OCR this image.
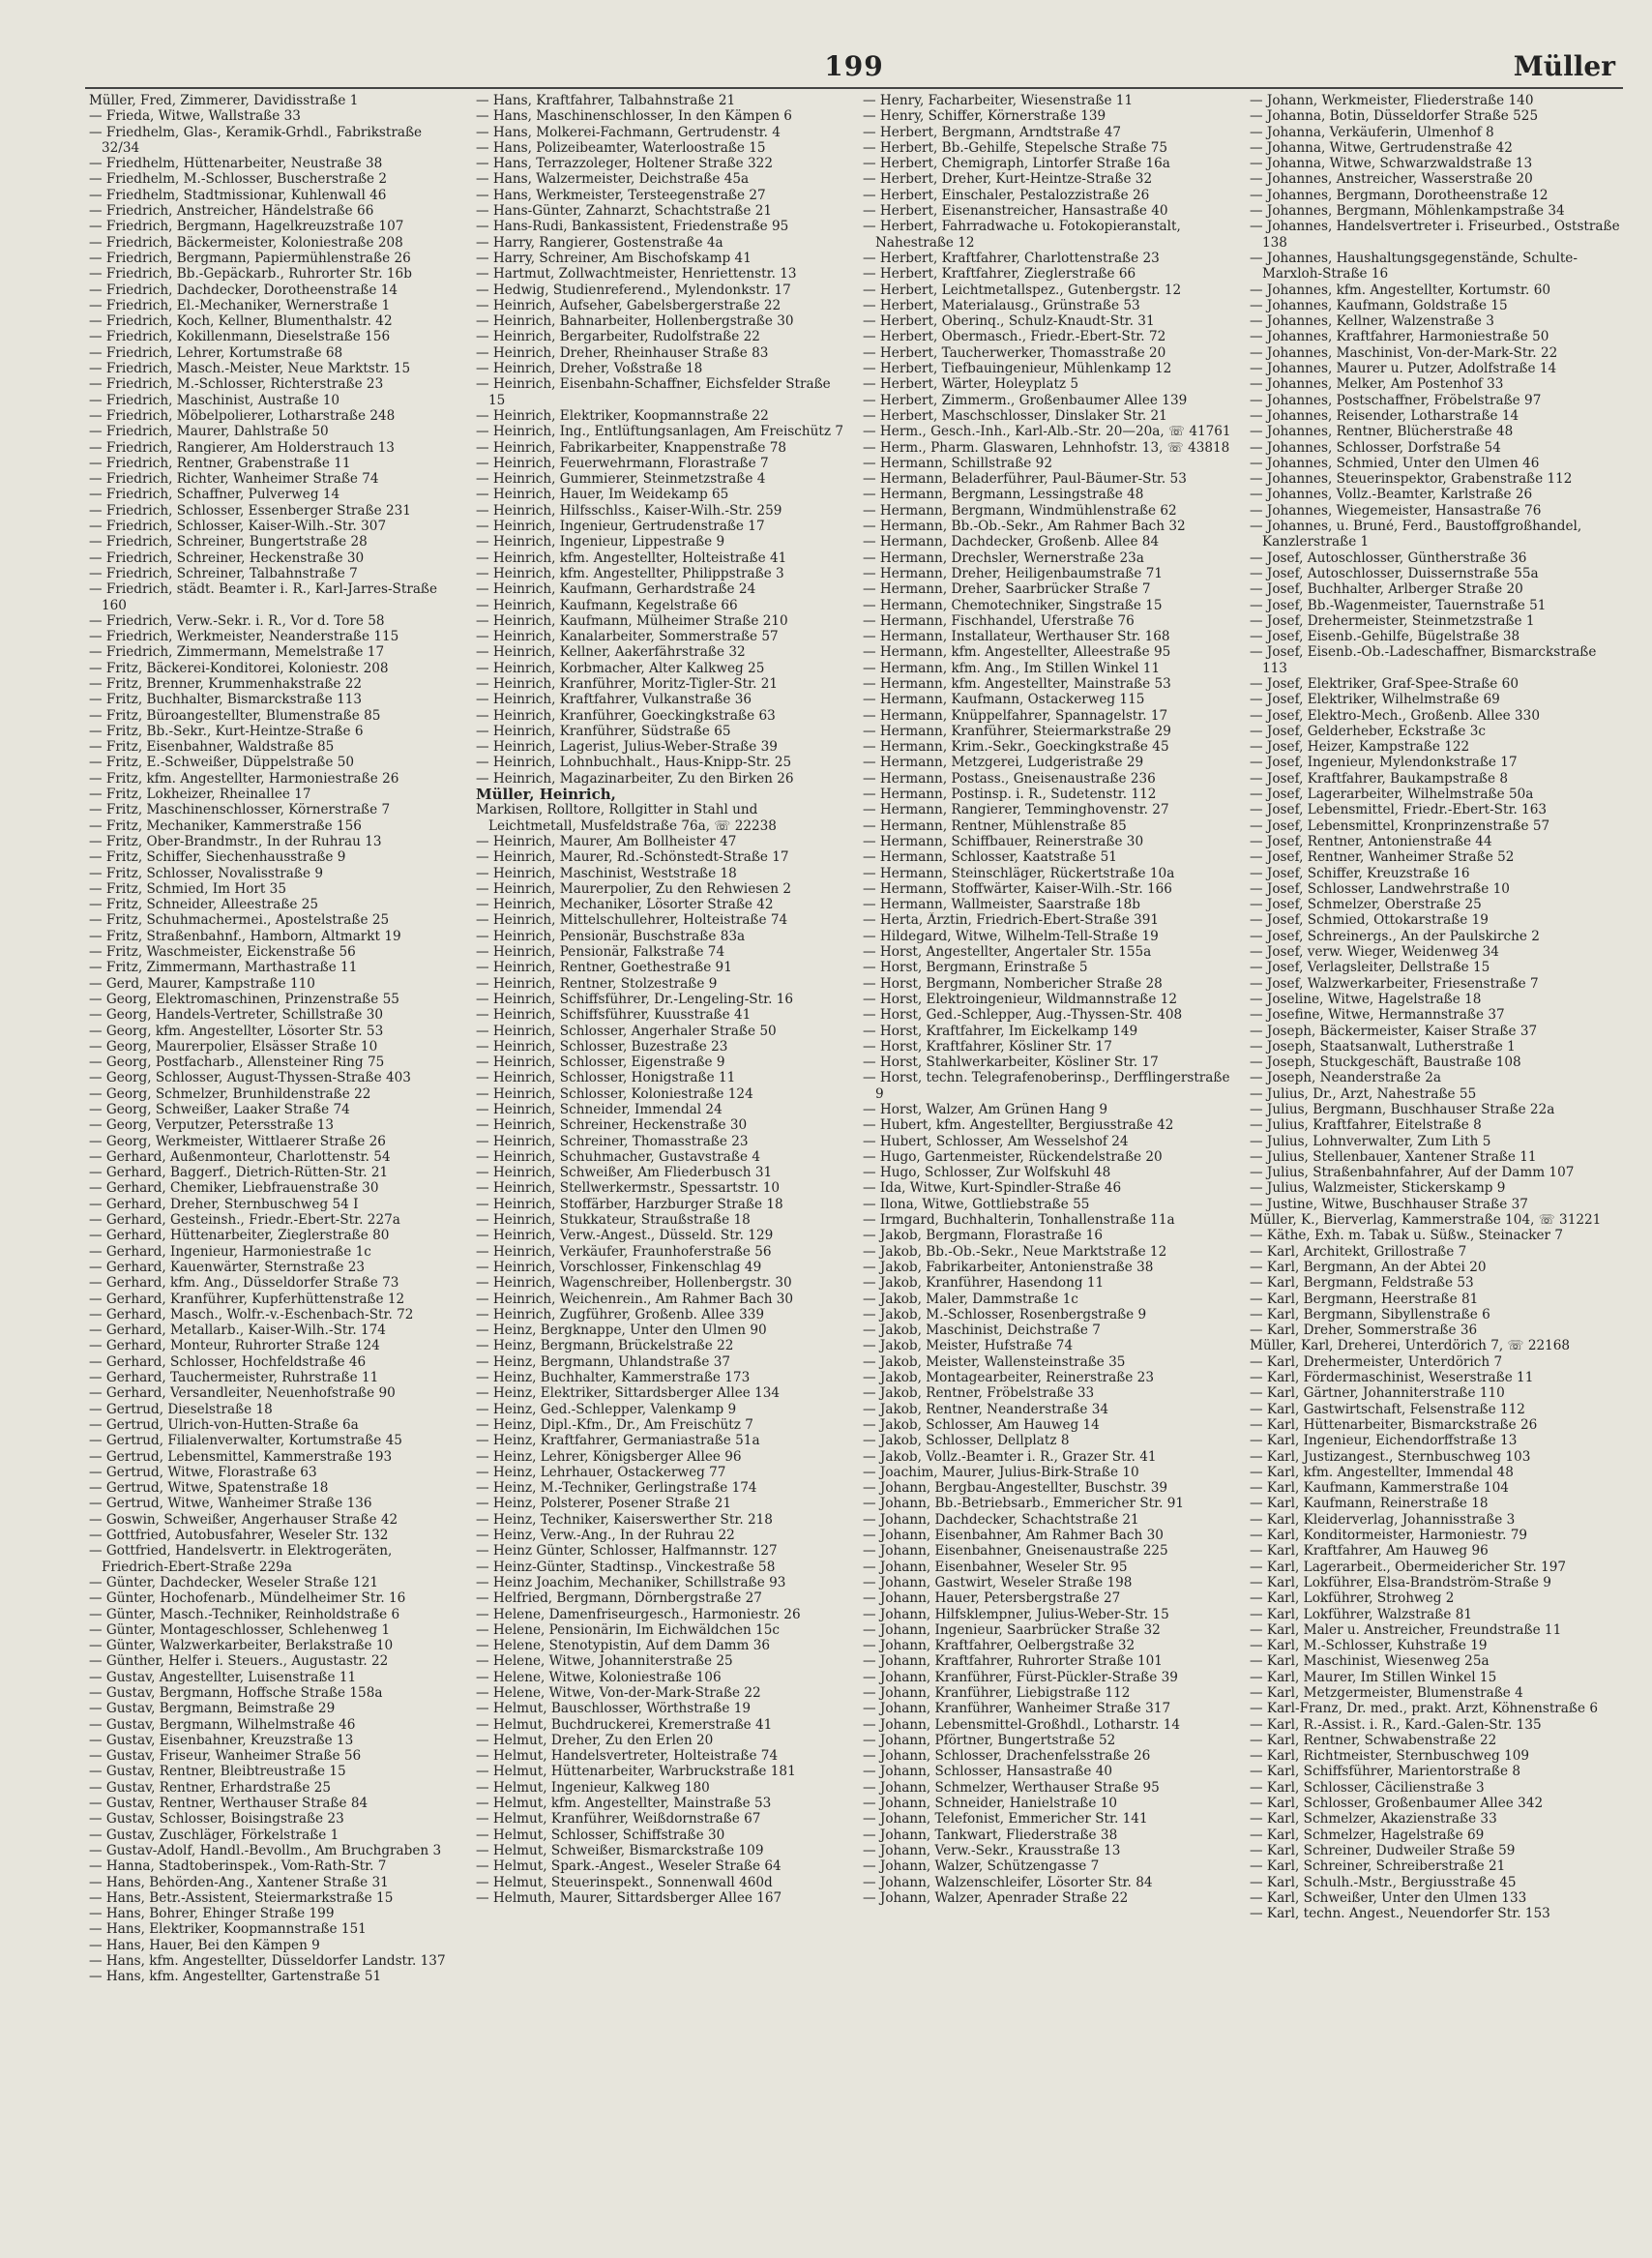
199	Müller

Müller, Fred, Zimmerer, Davidisstraße 1

— Frieda, Witwe, Wallstraße 33

— Friedhelm, Glas-, Keramik-Grhdl., Fabrikstraße 32/34

— Friedhelm, Hüttenarbeiter, Neustraße 38

— Friedhelm, M.-Schlosser, Buscherstraße 2

— Friedhelm, Stadtmissionar, Kuhlenwall 46

— Friedrich, Anstreicher, Händelstraße 66

— Friedrich, Bergmann, Hagelkreuzstraße 107

— Friedrich, Bäckermeister, Koloniestraße 208

— Friedrich, Bergmann, Papiermühlenstraße 26

— Friedrich, Bb.-Gepäckarb., Ruhrorter Str. 16b

— Friedrich, Dachdecker, Dorotheenstraße 14

— Friedrich, El.-Mechaniker, Wernerstraße 1

— Friedrich, Koch, Kellner, Blumenthalstr. 42

— Friedrich, Kokillenmann, Dieselstraße 156

— Friedrich, Lehrer, Kortumstraße 68

— Friedrich, Masch.-Meister, Neue Marktstr. 15

— Friedrich, M.-Schlosser, Richterstraße 23

— Friedrich, Maschinist, Austraße 10

— Friedrich, Möbelpolierer, Lotharstraße 248

— Friedrich, Maurer, Dahlstraße 50

— Friedrich, Rangierer, Am Holderstrauch 13

— Friedrich, Rentner, Grabenstraße 11

— Friedrich, Richter, Wanheimer Straße 74

— Friedrich, Schaffner, Pulverweg 14

— Friedrich, Schlosser, Essenberger Straße 231

— Friedrich, Schlosser, Kaiser-Wilh.-Str. 307

— Friedrich, Schreiner, Bungertstraße 28

— Friedrich, Schreiner, Heckenstraße 30

— Friedrich, Schreiner, Talbahnstraße 7

— Friedrich, städt. Beamter i. R., Karl-Jarres-Straße 160

— Friedrich, Verw.-Sekr. i. R., Vor d. Tore 58

— Friedrich, Werkmeister, Neanderstraße 115

— Friedrich, Zimmermann, Memelstraße 17

— Fritz, Bäckerei-Konditorei, Koloniestr. 208

— Fritz, Brenner, Krummenhakstraße 22

— Fritz, Buchhalter, Bismarckstraße 113

— Fritz, Büroangestellter, Blumenstraße 85

— Fritz, Bb.-Sekr., Kurt-Heintze-Straße 6

— Fritz, Eisenbahner, Waldstraße 85

— Fritz, E.-Schweißer, Düppelstraße 50

— Fritz, kfm. Angestellter, Harmoniestraße 26

— Fritz, Lokheizer, Rheinallee 17

— Fritz, Maschinenschlosser, Körnerstraße 7

— Fritz, Mechaniker, Kammerstraße 156

— Fritz, Ober-Brandmstr., In der Ruhrau 13

— Fritz, Schiffer, Siechenhausstraße 9

— Fritz, Schlosser, Novalisstraße 9

— Fritz, Schmied, Im Hort 35

— Fritz, Schneider, Alleestraße 25

— Fritz, Schuhmachermei., Apostelstraße 25

— Fritz, Straßenbahnf., Hamborn, Altmarkt 19

— Fritz, Waschmeister, Eickenstraße 56

— Fritz, Zimmermann, Marthastraße 11

— Gerd, Maurer, Kampstraße 110

— Georg, Elektromaschinen, Prinzenstraße 55

— Georg, Handels-Vertreter, Schillstraße 30

— Georg, kfm. Angestellter, Lösorter Str. 53

— Georg, Maurerpolier, Elsässer Straße 10

— Georg, Postfacharb., Allensteiner Ring 75

— Georg, Schlosser, August-Thyssen-Straße 403

— Georg, Schmelzer, Brunhildenstraße 22

— Georg, Schweißer, Laaker Straße 74

— Georg, Verputzer, Petersstraße 13

— Georg, Werkmeister, Wittlaerer Straße 26

— Gerhard, Außenmonteur, Charlottenstr. 54

— Gerhard, Baggerf., Dietrich-Rütten-Str. 21

— Gerhard, Chemiker, Liebfrauenstraße 30

— Gerhard, Dreher, Sternbuschweg 54 I

— Gerhard, Gesteinsh., Friedr.-Ebert-Str. 227a

— Gerhard, Hüttenarbeiter, Zieglerstraße 80

— Gerhard, Ingenieur, Harmoniestraße 1c

— Gerhard, Kauenwärter, Sternstraße 23

— Gerhard, kfm. Ang., Düsseldorfer Straße 73

— Gerhard, Kranführer, Kupferhüttenstraße 12

— Gerhard, Masch., Wolfr.-v.-Eschenbach-Str. 72

— Gerhard, Metallarb., Kaiser-Wilh.-Str. 174

— Gerhard, Monteur, Ruhrorter Straße 124

— Gerhard, Schlosser, Hochfeldstraße 46

— Gerhard, Tauchermeister, Ruhrstraße 11

— Gerhard, Versandleiter, Neuenhofstraße 90

— Gertrud, Dieselstraße 18

— Gertrud, Ulrich-von-Hutten-Straße 6a

— Gertrud, Filialenverwalter, Kortumstraße 45

— Gertrud, Lebensmittel, Kammerstraße 193

— Gertrud, Witwe, Florastraße 63

— Gertrud, Witwe, Spatenstraße 18

— Gertrud, Witwe, Wanheimer Straße 136

— Goswin, Schweißer, Angerhauser Straße 42

— Gottfried, Autobusfahrer, Weseler Str. 132

— Gottfried, Handelsvertr. in Elektrogeräten, Friedrich-Ebert-Straße 229a

— Günter, Dachdecker, Weseler Straße 121

— Günter, Hochofenarb., Mündelheimer Str. 16

— Günter, Masch.-Techniker, Reinholdstraße 6

— Günter, Montageschlosser, Schlehenweg 1

— Günter, Walzwerkarbeiter, Berlakstraße 10

— Günther, Helfer i. Steuers., Augustastr. 22

— Gustav, Angestellter, Luisenstraße 11

— Gustav, Bergmann, Hoffsche Straße 158a

— Gustav, Bergmann, Beimstraße 29

— Gustav, Bergmann, Wilhelmstraße 46

— Gustav, Eisenbahner, Kreuzstraße 13

— Gustav, Friseur, Wanheimer Straße 56

— Gustav, Rentner, Bleibtreustraße 15

— Gustav, Rentner, Erhardstraße 25

— Gustav, Rentner, Werthauser Straße 84

— Gustav, Schlosser, Boisingstraße 23

— Gustav, Zuschläger, Förkelstraße 1

— Gustav-Adolf, Handl.-Bevollm., Am Bruchgraben 3

— Hanna, Stadtoberinspek., Vom-Rath-Str. 7

— Hans, Behörden-Ang., Xantener Straße 31

— Hans, Betr.-Assistent, Steiermarkstraße 15

— Hans, Bohrer, Ehinger Straße 199

— Hans, Elektriker, Koopmannstraße 151

— Hans, Hauer, Bei den Kämpen 9

— Hans, kfm. Angestellter, Düsseldorfer Landstr. 137

— Hans, kfm. Angestellter, Gartenstraße 51

— Hans, Kraftfahrer, Talbahnstraße 21

— Hans, Maschinenschlosser, In den Kämpen 6

— Hans, Molkerei-Fachmann, Gertrudenstr. 4

— Hans, Polizeibeamter, Waterloostraße 15

— Hans, Terrazzoleger, Holtener Straße 322

— Hans, Walzermeister, Deichstraße 45a

— Hans, Werkmeister, Tersteegenstraße 27

— Hans-Günter, Zahnarzt, Schachtstraße 21

— Hans-Rudi, Bankassistent, Friedenstraße 95

— Harry, Rangierer, Gostenstraße 4a

— Harry, Schreiner, Am Bischofskamp 41

— Hartmut, Zollwachtmeister, Henriettenstr. 13

— Hedwig, Studienreferend., Mylendonkstr. 17

— Heinrich, Aufseher, Gabelsbergerstraße 22

— Heinrich, Bahnarbeiter, Hollenbergstraße 30

— Heinrich, Bergarbeiter, Rudolfstraße 22

— Heinrich, Dreher, Rheinhauser Straße 83

— Heinrich, Dreher, Voßstraße 18

— Heinrich, Eisenbahn-Schaffner, Eichsfelder Straße 15

— Heinrich, Elektriker, Koopmannstraße 22

— Heinrich, Ing., Entlüftungsanlagen, Am Freischütz 7

— Heinrich, Fabrikarbeiter, Knappenstraße 78

— Heinrich, Feuerwehrmann, Florastraße 7

— Heinrich, Gummierer, Steinmetzstraße 4

— Heinrich, Hauer, Im Weidekamp 65

— Heinrich, Hilfsschlss., Kaiser-Wilh.-Str. 259

— Heinrich, Ingenieur, Gertrudenstraße 17

— Heinrich, Ingenieur, Lippestraße 9

— Heinrich, kfm. Angestellter, Holteistraße 41

— Heinrich, kfm. Angestellter, Philippstraße 3

— Heinrich, Kaufmann, Gerhardstraße 24

— Heinrich, Kaufmann, Kegelstraße 66

— Heinrich, Kaufmann, Mülheimer Straße 210

— Heinrich, Kanalarbeiter, Sommerstraße 57

— Heinrich, Kellner, Aakerfährstraße 32

— Heinrich, Korbmacher, Alter Kalkweg 25

— Heinrich, Kranführer, Moritz-Tigler-Str. 21

— Heinrich, Kraftfahrer, Vulkanstraße 36

— Heinrich, Kranführer, Goeckingkstraße 63

— Heinrich, Kranführer, Südstraße 65

— Heinrich, Lagerist, Julius-Weber-Straße 39

— Heinrich, Lohnbuchhalt., Haus-Knipp-Str. 25

— Heinrich, Magazinarbeiter, Zu den Birken 26

Müller, Heinrich,

Markisen, Rolltore, Rollgitter in Stahl und Leichtmetall, Musfeldstraße 76a, ☏ 22238

— Heinrich, Maurer, Am Bollheister 47

— Heinrich, Maurer, Rd.-Schönstedt-Straße 17

— Heinrich, Maschinist, Weststraße 18

— Heinrich, Maurerpolier, Zu den Rehwiesen 2

— Heinrich, Mechaniker, Lösorter Straße 42

— Heinrich, Mittelschullehrer, Holteistraße 74

— Heinrich, Pensionär, Buschstraße 83a

— Heinrich, Pensionär, Falkstraße 74

— Heinrich, Rentner, Goethestraße 91

— Heinrich, Rentner, Stolzestraße 9

— Heinrich, Schiffsführer, Dr.-Lengeling-Str. 16

— Heinrich, Schiffsführer, Kuusstraße 41

— Heinrich, Schlosser, Angerhaler Straße 50

— Heinrich, Schlosser, Buzestraße 23

— Heinrich, Schlosser, Eigenstraße 9

— Heinrich, Schlosser, Honigstraße 11

— Heinrich, Schlosser, Koloniestraße 124

— Heinrich, Schneider, Immendal 24

— Heinrich, Schreiner, Heckenstraße 30

— Heinrich, Schreiner, Thomasstraße 23

— Heinrich, Schuhmacher, Gustavstraße 4

— Heinrich, Schweißer, Am Fliederbusch 31

— Heinrich, Stellwerkermstr., Spessartstr. 10

— Heinrich, Stoffärber, Harzburger Straße 18

— Heinrich, Stukkateur, Straußstraße 18

— Heinrich, Verw.-Angest., Düsseld. Str. 129

— Heinrich, Verkäufer, Fraunhoferstraße 56

— Heinrich, Vorschlosser, Finkenschlag 49

— Heinrich, Wagenschreiber, Hollenbergstr. 30

— Heinrich, Weichenrein., Am Rahmer Bach 30

— Heinrich, Zugführer, Großenb. Allee 339

— Heinz, Bergknappe, Unter den Ulmen 90

— Heinz, Bergmann, Brückelstraße 22

— Heinz, Bergmann, Uhlandstraße 37

— Heinz, Buchhalter, Kammerstraße 173

— Heinz, Elektriker, Sittardsberger Allee 134

— Heinz, Ged.-Schlepper, Valenkamp 9

— Heinz, Dipl.-Kfm., Dr., Am Freischütz 7

— Heinz, Kraftfahrer, Germaniastraße 51a

— Heinz, Lehrer, Königsberger Allee 96

— Heinz, Lehrhauer, Ostackerweg 77

— Heinz, M.-Techniker, Gerlingstraße 174

— Heinz, Polsterer, Posener Straße 21

— Heinz, Techniker, Kaiserswerther Str. 218

— Heinz, Verw.-Ang., In der Ruhrau 22

— Heinz Günter, Schlosser, Halfmannstr. 127

— Heinz-Günter, Stadtinsp., Vinckestraße 58

— Heinz Joachim, Mechaniker, Schillstraße 93

— Helfried, Bergmann, Dörnbergstraße 27

— Helene, Damenfriseurgesch., Harmoniestr. 26

— Helene, Pensionärin, Im Eichwäldchen 15c

— Helene, Stenotypistin, Auf dem Damm 36

— Helene, Witwe, Johanniterstraße 25

— Helene, Witwe, Koloniestraße 106

— Helene, Witwe, Von-der-Mark-Straße 22

— Helmut, Bauschlosser, Wörthstraße 19

— Helmut, Buchdruckerei, Kremerstraße 41

— Helmut, Dreher, Zu den Erlen 20

— Helmut, Handelsvertreter, Holteistraße 74

— Helmut, Hüttenarbeiter, Warbruckstraße 181

— Helmut, Ingenieur, Kalkweg 180

— Helmut, kfm. Angestellter, Mainstraße 53

— Helmut, Kranführer, Weißdornstraße 67

— Helmut, Schlosser, Schiffstraße 30

— Helmut, Schweißer, Bismarckstraße 109

— Helmut, Spark.-Angest., Weseler Straße 64

— Helmut, Steuerinspekt., Sonnenwall 460d

— Helmuth, Maurer, Sittardsberger Allee 167

— Henry, Facharbeiter, Wiesenstraße 11

— Henry, Schiffer, Körnerstraße 139

— Herbert, Bergmann, Arndtstraße 47

— Herbert, Bb.-Gehilfe, Stepelsche Straße 75

— Herbert, Chemigraph, Lintorfer Straße 16a

— Herbert, Dreher, Kurt-Heintze-Straße 32

— Herbert, Einschaler, Pestalozzistraße 26

— Herbert, Eisenanstreicher, Hansastraße 40

— Herbert, Fahrradwache u. Fotokopieranstalt, Nahestraße 12

— Herbert, Kraftfahrer, Charlottenstraße 23

— Herbert, Kraftfahrer, Zieglerstraße 66

— Herbert, Leichtmetallspez., Gutenbergstr. 12

— Herbert, Materialausg., Grünstraße 53

— Herbert, Oberinq., Schulz-Knaudt-Str. 31

— Herbert, Obermasch., Friedr.-Ebert-Str. 72

— Herbert, Taucherwerker, Thomasstraße 20

— Herbert, Tiefbauingenieur, Mühlenkamp 12

— Herbert, Wärter, Holeyplatz 5

— Herbert, Zimmerm., Großenbaumer Allee 139

— Herbert, Maschschlosser, Dinslaker Str. 21

— Herm., Gesch.-Inh., Karl-Alb.-Str. 20—20a, ☏ 41761

— Herm., Pharm. Glaswaren, Lehnhofstr. 13, ☏ 43818

— Hermann, Schillstraße 92

— Hermann, Beladerführer, Paul-Bäumer-Str. 53

— Hermann, Bergmann, Lessingstraße 48

— Hermann, Bergmann, Windmühlenstraße 62

— Hermann, Bb.-Ob.-Sekr., Am Rahmer Bach 32

— Hermann, Dachdecker, Großenb. Allee 84

— Hermann, Drechsler, Wernerstraße 23a

— Hermann, Dreher, Heiligenbaumstraße 71

— Hermann, Dreher, Saarbrücker Straße 7

— Hermann, Chemotechniker, Singstraße 15

— Hermann, Fischhandel, Uferstraße 76

— Hermann, Installateur, Werthauser Str. 168

— Hermann, kfm. Angestellter, Alleestraße 95

— Hermann, kfm. Ang., Im Stillen Winkel 11

— Hermann, kfm. Angestellter, Mainstraße 53

— Hermann, Kaufmann, Ostackerweg 115

— Hermann, Knüppelfahrer, Spannagelstr. 17

— Hermann, Kranführer, Steiermarkstraße 29

— Hermann, Krim.-Sekr., Goeckingkstraße 45

— Hermann, Metzgerei, Ludgeristraße 29

— Hermann, Postass., Gneisenaustraße 236

— Hermann, Postinsp. i. R., Sudetenstr. 112

— Hermann, Rangierer, Temminghovenstr. 27

— Hermann, Rentner, Mühlenstraße 85

— Hermann, Schiffbauer, Reinerstraße 30

— Hermann, Schlosser, Kaatstraße 51

— Hermann, Steinschläger, Rückertstraße 10a

— Hermann, Stoffwärter, Kaiser-Wilh.-Str. 166

— Hermann, Wallmeister, Saarstraße 18b

— Herta, Ärztin, Friedrich-Ebert-Straße 391

— Hildegard, Witwe, Wilhelm-Tell-Straße 19

— Horst, Angestellter, Angertaler Str. 155a

— Horst, Bergmann, Erinstraße 5

— Horst, Bergmann, Nombericher Straße 28

— Horst, Elektroingenieur, Wildmannstraße 12

— Horst, Ged.-Schlepper, Aug.-Thyssen-Str. 408

— Horst, Kraftfahrer, Im Eickelkamp 149

— Horst, Kraftfahrer, Kösliner Str. 17

— Horst, Stahlwerkarbeiter, Kösliner Str. 17

— Horst, techn. Telegrafenoberinsp., Derfflingerstraße 9

— Horst, Walzer, Am Grünen Hang 9

— Hubert, kfm. Angestellter, Bergiusstraße 42

— Hubert, Schlosser, Am Wesselshof 24

— Hugo, Gartenmeister, Rückendelstraße 20

— Hugo, Schlosser, Zur Wolfskuhl 48

— Ida, Witwe, Kurt-Spindler-Straße 46

— Ilona, Witwe, Gottliebstraße 55

— Irmgard, Buchhalterin, Tonhallenstraße 11a

— Jakob, Bergmann, Florastraße 16

— Jakob, Bb.-Ob.-Sekr., Neue Marktstraße 12

— Jakob, Fabrikarbeiter, Antonienstraße 38

— Jakob, Kranführer, Hasendong 11

— Jakob, Maler, Dammstraße 1c

— Jakob, M.-Schlosser, Rosenbergstraße 9

— Jakob, Maschinist, Deichstraße 7

— Jakob, Meister, Hufstraße 74

— Jakob, Meister, Wallensteinstraße 35

— Jakob, Montagearbeiter, Reinerstraße 23

— Jakob, Rentner, Fröbelstraße 33

— Jakob, Rentner, Neanderstraße 34

— Jakob, Schlosser, Am Hauweg 14

— Jakob, Schlosser, Dellplatz 8

— Jakob, Vollz.-Beamter i. R., Grazer Str. 41

— Joachim, Maurer, Julius-Birk-Straße 10

— Johann, Bergbau-Angestellter, Buschstr. 39

— Johann, Bb.-Betriebsarb., Emmericher Str. 91

— Johann, Dachdecker, Schachtstraße 21

— Johann, Eisenbahner, Am Rahmer Bach 30

— Johann, Eisenbahner, Gneisenaustraße 225

— Johann, Eisenbahner, Weseler Str. 95

— Johann, Gastwirt, Weseler Straße 198

— Johann, Hauer, Petersbergstraße 27

— Johann, Hilfsklempner, Julius-Weber-Str. 15

— Johann, Ingenieur, Saarbrücker Straße 32

— Johann, Kraftfahrer, Oelbergstraße 32

— Johann, Kraftfahrer, Ruhrorter Straße 101

— Johann, Kranführer, Fürst-Pückler-Straße 39

— Johann, Kranführer, Liebigstraße 112

— Johann, Kranführer, Wanheimer Straße 317

— Johann, Lebensmittel-Großhdl., Lotharstr. 14

— Johann, Pförtner, Bungertstraße 52

— Johann, Schlosser, Drachenfelsstraße 26

— Johann, Schlosser, Hansastraße 40

— Johann, Schmelzer, Werthauser Straße 95

— Johann, Schneider, Hanielstraße 10

— Johann, Telefonist, Emmericher Str. 141

— Johann, Tankwart, Fliederstraße 38

— Johann, Verw.-Sekr., Krausstraße 13

— Johann, Walzer, Schützengasse 7

— Johann, Walzenschleifer, Lösorter Str. 84

— Johann, Walzer, Apenrader Straße 22

— Johann, Werkmeister, Fliederstraße 140

— Johanna, Botin, Düsseldorfer Straße 525

— Johanna, Verkäuferin, Ulmenhof 8

— Johanna, Witwe, Gertrudenstraße 42

— Johanna, Witwe, Schwarzwaldstraße 13

— Johannes, Anstreicher, Wasserstraße 20

— Johannes, Bergmann, Dorotheenstraße 12

— Johannes, Bergmann, Möhlenkampstraße 34

— Johannes, Handelsvertreter i. Friseurbed., Oststraße 138

— Johannes, Haushaltungsgegenstände, Schulte-Marxloh-Straße 16

— Johannes, kfm. Angestellter, Kortumstr. 60

— Johannes, Kaufmann, Goldstraße 15

— Johannes, Kellner, Walzenstraße 3

— Johannes, Kraftfahrer, Harmoniestraße 50

— Johannes, Maschinist, Von-der-Mark-Str. 22

— Johannes, Maurer u. Putzer, Adolfstraße 14

— Johannes, Melker, Am Postenhof 33

— Johannes, Postschaffner, Fröbelstraße 97

— Johannes, Reisender, Lotharstraße 14

— Johannes, Rentner, Blücherstraße 48

— Johannes, Schlosser, Dorfstraße 54

— Johannes, Schmied, Unter den Ulmen 46

— Johannes, Steuerinspektor, Grabenstraße 112

— Johannes, Vollz.-Beamter, Karlstraße 26

— Johannes, Wiegemeister, Hansastraße 76

— Johannes, u. Bruné, Ferd., Baustoffgroßhandel, Kanzlerstraße 1

— Josef, Autoschlosser, Güntherstraße 36

— Josef, Autoschlosser, Duissernstraße 55a

— Josef, Buchhalter, Arlberger Straße 20

— Josef, Bb.-Wagenmeister, Tauernstraße 51

— Josef, Drehermeister, Steinmetzstraße 1

— Josef, Eisenb.-Gehilfe, Bügelstraße 38

— Josef, Eisenb.-Ob.-Ladeschaffner, Bismarckstraße 113

— Josef, Elektriker, Graf-Spee-Straße 60

— Josef, Elektriker, Wilhelmstraße 69

— Josef, Elektro-Mech., Großenb. Allee 330

— Josef, Gelderheber, Eckstraße 3c

— Josef, Heizer, Kampstraße 122

— Josef, Ingenieur, Mylendonkstraße 17

— Josef, Kraftfahrer, Baukampstraße 8

— Josef, Lagerarbeiter, Wilhelmstraße 50a

— Josef, Lebensmittel, Friedr.-Ebert-Str. 163

— Josef, Lebensmittel, Kronprinzenstraße 57

— Josef, Rentner, Antonienstraße 44

— Josef, Rentner, Wanheimer Straße 52

— Josef, Schiffer, Kreuzstraße 16

— Josef, Schlosser, Landwehrstraße 10

— Josef, Schmelzer, Oberstraße 25

— Josef, Schmied, Ottokarstraße 19

— Josef, Schreinergs., An der Paulskirche 2

— Josef, verw. Wieger, Weidenweg 34

— Josef, Verlagsleiter, Dellstraße 15

— Josef, Walzwerkarbeiter, Friesenstraße 7

— Joseline, Witwe, Hagelstraße 18

— Josefine, Witwe, Hermannstraße 37

— Joseph, Bäckermeister, Kaiser Straße 37

— Joseph, Staatsanwalt, Lutherstraße 1

— Joseph, Stuckgeschäft, Baustraße 108

— Joseph, Neanderstraße 2a

— Julius, Dr., Arzt, Nahestraße 55

— Julius, Bergmann, Buschhauser Straße 22a

— Julius, Kraftfahrer, Eitelstraße 8

— Julius, Lohnverwalter, Zum Lith 5

— Julius, Stellenbauer, Xantener Straße 11

— Julius, Straßenbahnfahrer, Auf der Damm 107

— Julius, Walzmeister, Stickerskamp 9

— Justine, Witwe, Buschhauser Straße 37

Müller, K., Bierverlag, Kammerstraße 104, ☏ 31221

— Käthe, Exh. m. Tabak u. Süßw., Steinacker 7

— Karl, Architekt, Grillostraße 7

— Karl, Bergmann, An der Abtei 20

— Karl, Bergmann, Feldstraße 53

— Karl, Bergmann, Heerstraße 81

— Karl, Bergmann, Sibyllenstraße 6

— Karl, Dreher, Sommerstraße 36

Müller, Karl, Dreherei, Unterdörich 7, ☏ 22168

— Karl, Drehermeister, Unterdörich 7

— Karl, Fördermaschinist, Weserstraße 11

— Karl, Gärtner, Johanniterstraße 110

— Karl, Gastwirtschaft, Felsenstraße 112

— Karl, Hüttenarbeiter, Bismarckstraße 26

— Karl, Ingenieur, Eichendorffstraße 13

— Karl, Justizangest., Sternbuschweg 103

— Karl, kfm. Angestellter, Immendal 48

— Karl, Kaufmann, Kammerstraße 104

— Karl, Kaufmann, Reinerstraße 18

— Karl, Kleiderverlag, Johannisstraße 3

— Karl, Konditormeister, Harmoniestr. 79

— Karl, Kraftfahrer, Am Hauweg 96

— Karl, Lagerarbeit., Obermeidericher Str. 197

— Karl, Lokführer, Elsa-Brandström-Straße 9

— Karl, Lokführer, Strohweg 2

— Karl, Lokführer, Walzstraße 81

— Karl, Maler u. Anstreicher, Freundstraße 11

— Karl, M.-Schlosser, Kuhstraße 19

— Karl, Maschinist, Wiesenweg 25a

— Karl, Maurer, Im Stillen Winkel 15

— Karl, Metzgermeister, Blumenstraße 4

— Karl-Franz, Dr. med., prakt. Arzt, Köhnenstraße 6

— Karl, R.-Assist. i. R., Kard.-Galen-Str. 135

— Karl, Rentner, Schwabenstraße 22

— Karl, Richtmeister, Sternbuschweg 109

— Karl, Schiffsführer, Marientorstraße 8

— Karl, Schlosser, Cäcilienstraße 3

— Karl, Schlosser, Großenbaumer Allee 342

— Karl, Schmelzer, Akazienstraße 33

— Karl, Schmelzer, Hagelstraße 69

— Karl, Schreiner, Dudweiler Straße 59

— Karl, Schreiner, Schreiberstraße 21

— Karl, Schulh.-Mstr., Bergiusstraße 45

— Karl, Schweißer, Unter den Ulmen 133

— Karl, techn. Angest., Neuendorfer Str. 153
